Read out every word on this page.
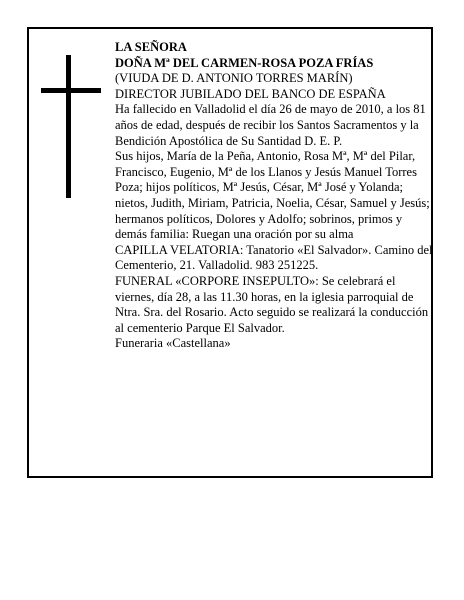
LA SEÑORA

DOÑA Mª DEL CARMEN-ROSA POZA FRÍAS

(VIUDA DE D. ANTONIO TORRES MARÍN)

DIRECTOR JUBILADO DEL BANCO DE ESPAÑA

Ha fallecido en Valladolid el día 26 de mayo de 2010, a los 81 años de edad, después de recibir los Santos Sacramentos y la Bendición Apostólica de Su Santidad D. E. P.

Sus hijos, María de la Peña, Antonio, Rosa Mª, Mª del Pilar, Francisco, Eugenio, Mª de los Llanos y Jesús Manuel Torres Poza; hijos políticos, Mª Jesús, César, Mª José y Yolanda; nietos, Judith, Miriam, Patricia, Noelia, César, Samuel y Jesús; hermanos políticos, Dolores y Adolfo; sobrinos, primos y demás familia: Ruegan una oración por su alma

CAPILLA VELATORIA: Tanatorio «El Salvador». Camino del Cementerio, 21. Valladolid. 983 251225.

FUNERAL «CORPORE INSEPULTO»: Se celebrará el viernes, día 28, a las 11.30 horas, en la iglesia parroquial de Ntra. Sra. del Rosario. Acto seguido se realizará la conducción al cementerio Parque El Salvador.

Funeraria «Castellana»
